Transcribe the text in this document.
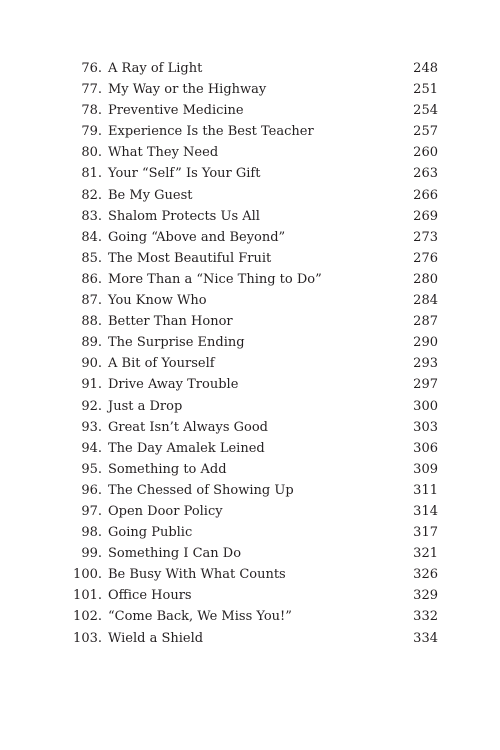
76. A Ray of Light	248
77. My Way or the Highway	251
78. Preventive Medicine	254
79. Experience Is the Best Teacher	257
80. What They Need	260
81. Your “Self” Is Your Gift	263
82. Be My Guest	266
83. Shalom Protects Us All	269
84. Going “Above and Beyond”	273
85. The Most Beautiful Fruit	276
86. More Than a “Nice Thing to Do”	280
87. You Know Who	284
88. Better Than Honor	287
89. The Surprise Ending	290
90. A Bit of Yourself	293
91. Drive Away Trouble	297
92. Just a Drop	300
93. Great Isn’t Always Good	303
94. The Day Amalek Leined	306
95. Something to Add	309
96. The Chessed of Showing Up	311
97. Open Door Policy	314
98. Going Public	317
99. Something I Can Do	321
100. Be Busy With What Counts	326
101. Office Hours	329
102. “Come Back, We Miss You!”	332
103. Wield a Shield	334
